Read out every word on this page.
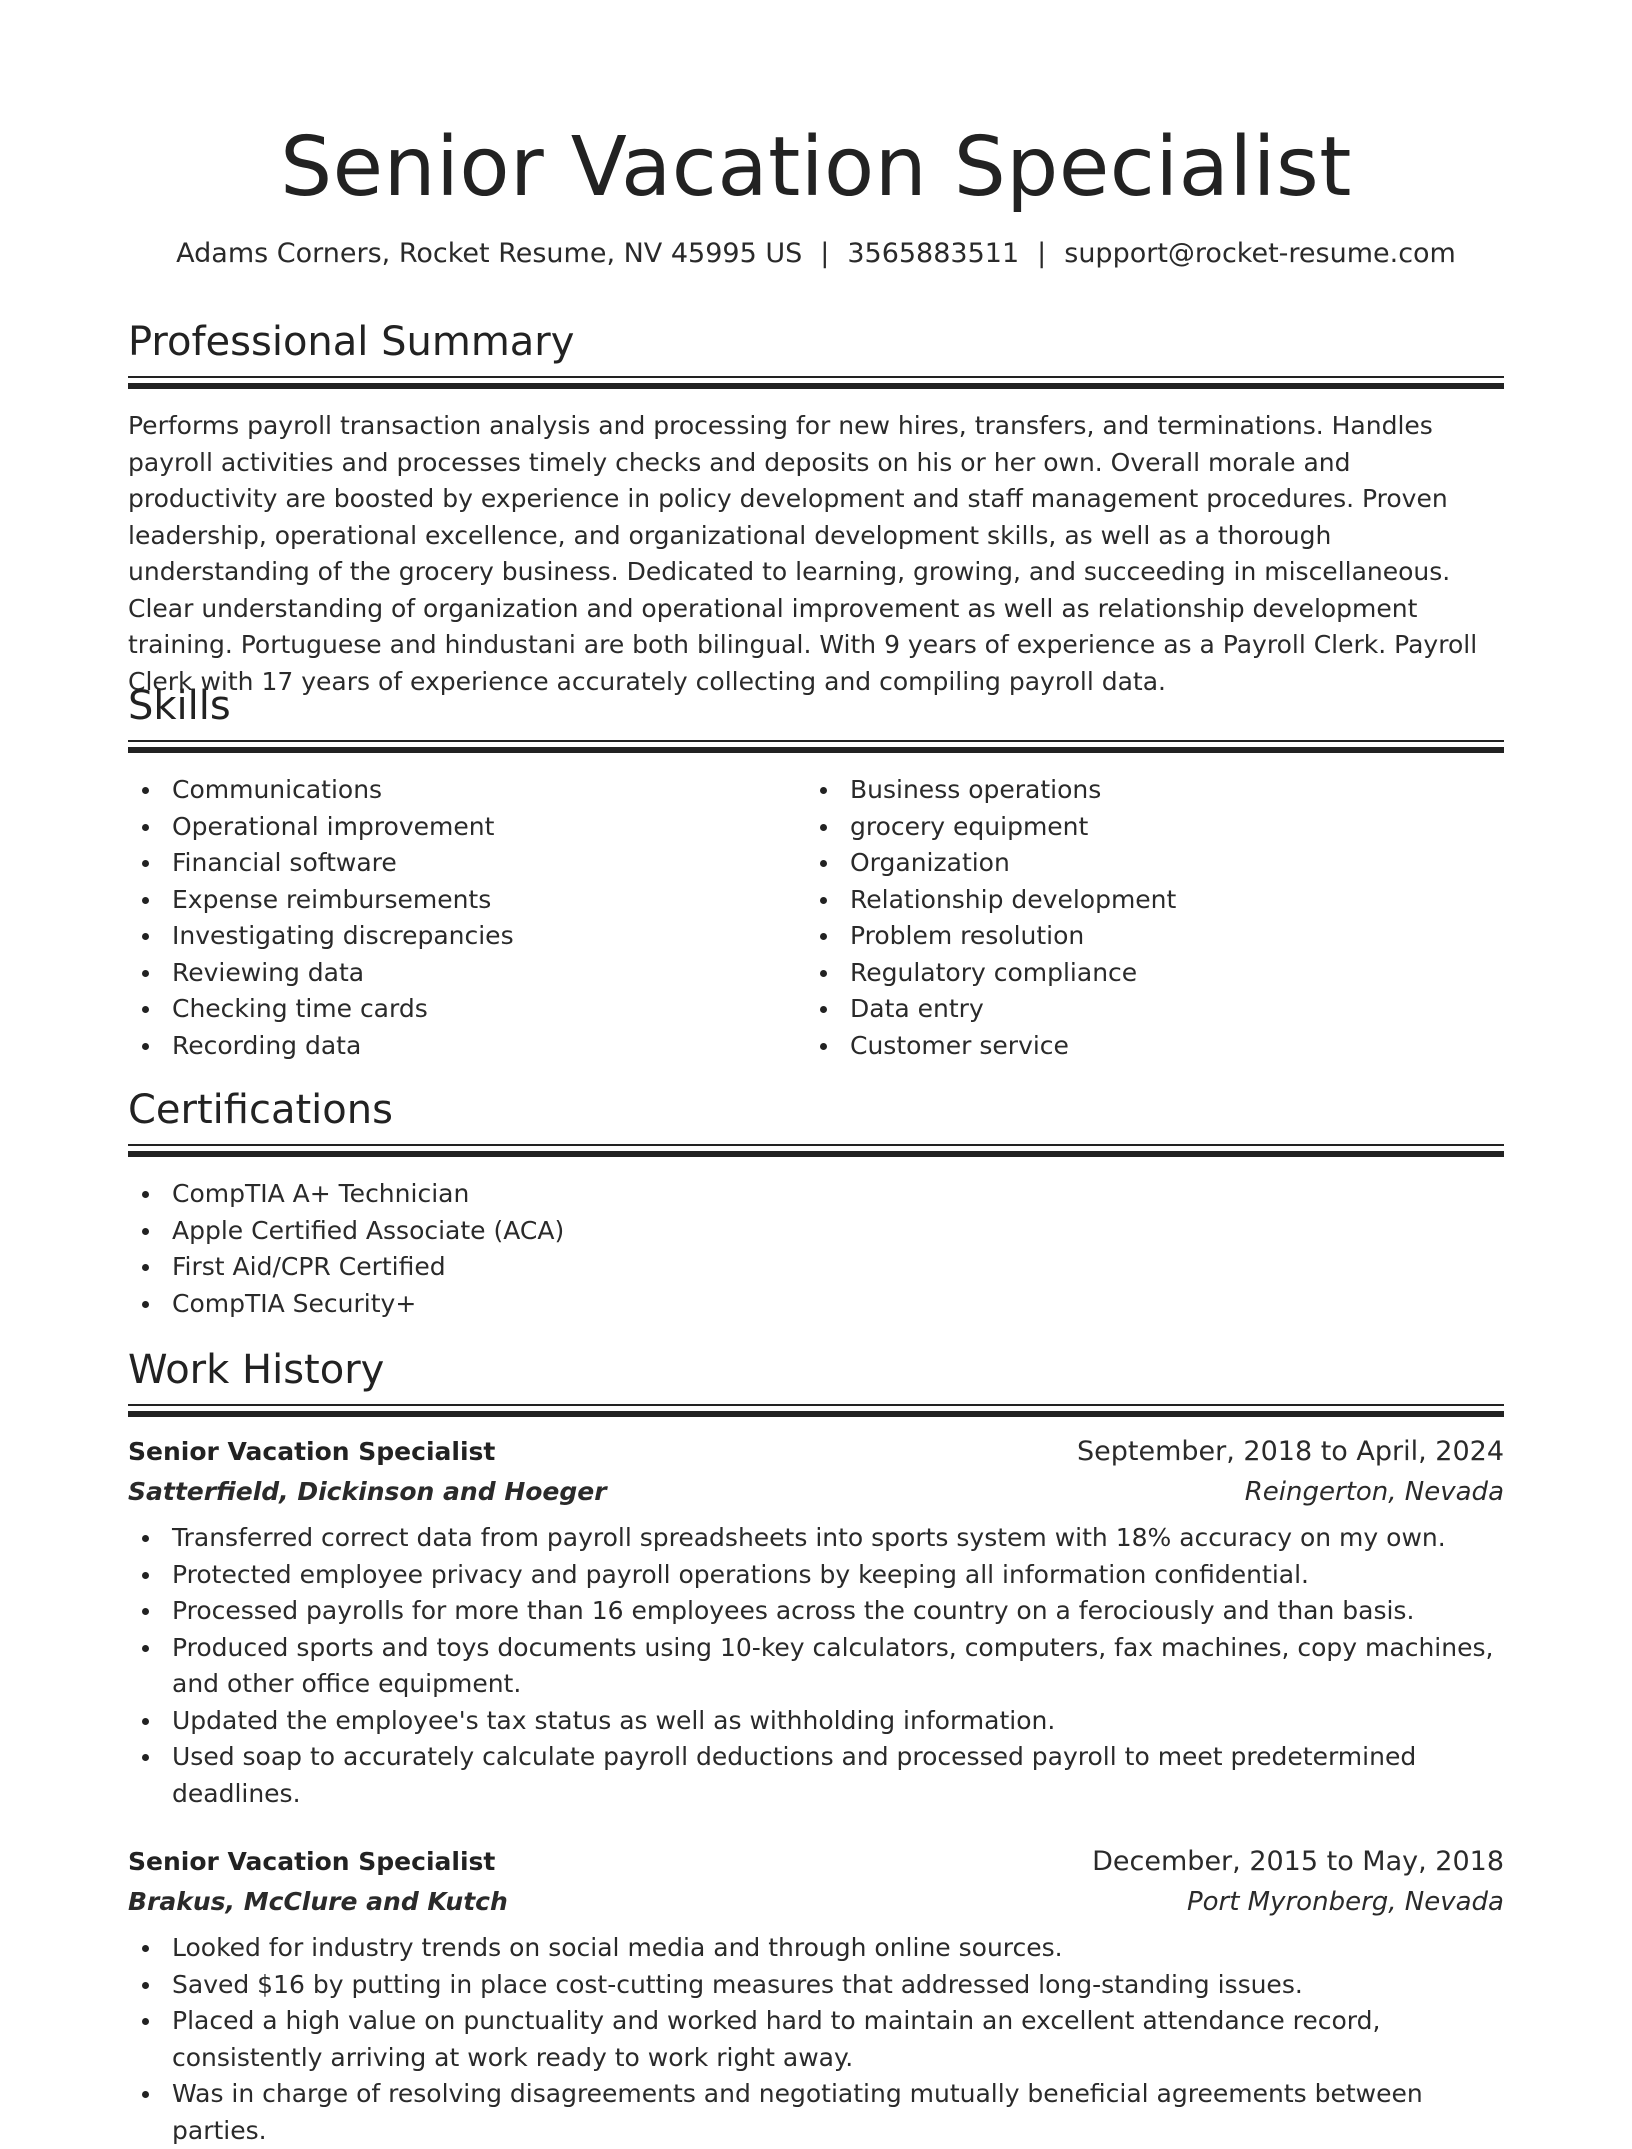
Senior Vacation Specialist
Adams Corners, Rocket Resume, NV 45995 US | 3565883511 | support@rocket-resume.com
Professional Summary

Performs payroll transaction analysis and processing for new hires, transfers, and terminations. Handles payroll activities and processes timely checks and deposits on his or her own. Overall morale and productivity are boosted by experience in policy development and staff management procedures. Proven leadership, operational excellence, and organizational development skills, as well as a thorough understanding of the grocery business. Dedicated to learning, growing, and succeeding in miscellaneous. Clear understanding of organization and operational improvement as well as relationship development training. Portuguese and hindustani are both bilingual. With 9 years of experience as a Payroll Clerk. Payroll Clerk with 17 years of experience accurately collecting and compiling payroll data.

Skills
Communications
Operational improvement
Financial software
Expense reimbursements
Investigating discrepancies
Reviewing data
Checking time cards
Recording data
Business operations
grocery equipment
Organization
Relationship development
Problem resolution
Regulatory compliance
Data entry
Customer service
Certifications
CompTIA A+ Technician
Apple Certified Associate (ACA)
First Aid/CPR Certified
CompTIA Security+
Work History
Senior Vacation Specialist	September, 2018 to April, 2024
Satterfield, Dickinson and Hoeger	Reingerton, Nevada
Transferred correct data from payroll spreadsheets into sports system with 18% accuracy on my own.
Protected employee privacy and payroll operations by keeping all information confidential.
Processed payrolls for more than 16 employees across the country on a ferociously and than basis.
Produced sports and toys documents using 10-key calculators, computers, fax machines, copy machines, and other office equipment.
Updated the employee's tax status as well as withholding information.
Used soap to accurately calculate payroll deductions and processed payroll to meet predetermined deadlines.
Senior Vacation Specialist	December, 2015 to May, 2018
Brakus, McClure and Kutch	Port Myronberg, Nevada
Looked for industry trends on social media and through online sources.
Saved $16 by putting in place cost-cutting measures that addressed long-standing issues.
Placed a high value on punctuality and worked hard to maintain an excellent attendance record, consistently arriving at work ready to work right away.
Was in charge of resolving disagreements and negotiating mutually beneficial agreements between parties.
